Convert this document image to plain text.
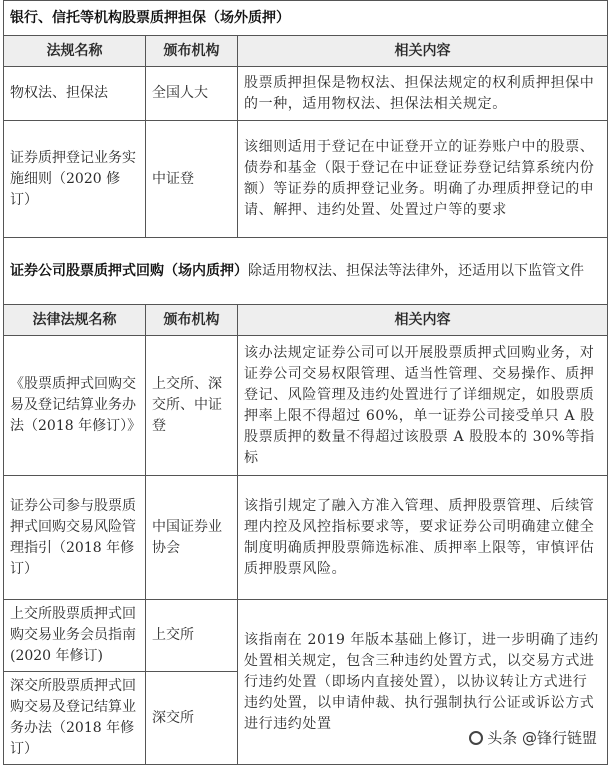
银行、信托等机构股票质押担保（场外质押）		
法规名称	颁布机构	相关内容
物权法、担保法	全国人大	股票质押担保是物权法、担保法规定的权利质押担保中的一种，适用物权法、担保法相关规定。
证券质押登记业务实施细则（2020 修订）	中证登	该细则适用于登记在中证登开立的证券账户中的股票、债券和基金（限于登记在中证登证券登记结算系统内份额）等证券的质押登记业务。明确了办理质押登记的申请、解押、违约处置、处置过户等的要求
证券公司股票质押式回购（场内质押）除适用物权法、担保法等法律外，还适用以下监管文件		
法律法规名称	颁布机构	相关内容
《股票质押式回购交易及登记结算业务办法（2018 年修订）》	上交所、深交所、中证登	该办法规定证券公司可以开展股票质押式回购业务，对证券公司交易权限管理、适当性管理、交易操作、质押登记、风险管理及违约处置进行了详细规定，如股票质押率上限不得超过 60%，单一证券公司接受单只 A 股股票质押的数量不得超过该股票 A 股股本的 30%等指标
证券公司参与股票质押式回购交易风险管理指引（2018 年修订）	中国证券业协会	该指引规定了融入方准入管理、质押股票管理、后续管理内控及风控指标要求等，要求证券公司明确建立健全制度明确质押股票筛选标准、质押率上限等，审慎评估质押股票风险。
上交所股票质押式回购交易业务会员指南(2020 年修订)	上交所	该指南在 2019 年版本基础上修订，进一步明确了违约处置相关规定，包含三种违约处置方式，以交易方式进行违约处置（即场内直接处置），以协议转让方式进行违约处置，以申请仲裁、执行强制执行公证或诉讼方式进行违约处置
深交所股票质押式回购交易及登记结算业务办法（2018 年修订）	深交所	
头条 @锋行链盟
